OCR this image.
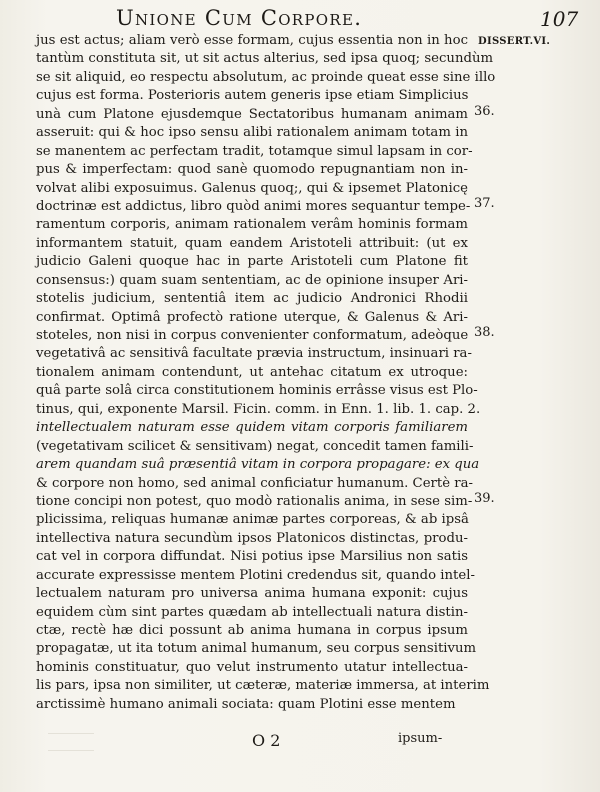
Unione Cum Corpore.	107
DISSERT.VI.
jus est actus; aliam verò esse formam, cujus essentia non in hoc
tantùm constituta sit, ut sit actus alterius, sed ipsa quoq; secundùm
se sit aliquid, eo respectu absolutum, ac proinde queat esse sine illo
cujus est forma. Posterioris autem generis ipse etiam Simplicius
unà cum Platone ejusdemque Sectatoribus humanam animam
asseruit: qui & hoc ipso sensu alibi rationalem animam totam in
se manentem ac perfectam tradit, totamque simul lapsam in cor-
pus & imperfectam: quod sanè quomodo repugnantiam non in-
volvat alibi exposuimus. Galenus quoq;, qui & ipsemet Platonicę
doctrinæ est addictus, libro quòd animi mores sequantur tempe-
ramentum corporis, animam rationalem verâm hominis formam
informantem statuit, quam eandem Aristoteli attribuit: (ut ex
judicio Galeni quoque hac in parte Aristoteli cum Platone fit
consensus:) quam suam sententiam, ac de opinione insuper Ari-
stotelis judicium, sententiâ item ac judicio Andronici Rhodii
confirmat. Optimâ profectò ratione uterque, & Galenus & Ari-
stoteles, non nisi in corpus convenienter conformatum, adeòque
vegetativâ ac sensitivâ facultate prævia instructum, insinuari ra-
tionalem animam contendunt, ut antehac citatum ex utroque:
quâ parte solâ circa constitutionem hominis errâsse visus est Plo-
tinus, qui, exponente Marsil. Ficin. comm. in Enn. 1. lib. 1. cap. 2.
intellectualem naturam esse quidem vitam corporis familiarem
(vegetativam scilicet & sensitivam) negat, concedit tamen famili-
arem quandam suâ præsentiâ vitam in corpora propagare: ex qua
& corpore non homo, sed animal conficiatur humanum. Certè ra-
tione concipi non potest, quo modò rationalis anima, in sese sim-
plicissima, reliquas humanæ animæ partes corporeas, & ab ipsâ
intellectiva natura secundùm ipsos Platonicos distinctas, produ-
cat vel in corpora diffundat. Nisi potius ipse Marsilius non satis
accurate expressisse mentem Plotini credendus sit, quando intel-
lectualem naturam pro universa anima humana exponit: cujus
equidem cùm sint partes quædam ab intellectuali natura distin-
ctæ, rectè hæ dici possunt ab anima humana in corpus ipsum
propagatæ, ut ita totum animal humanum, seu corpus sensitivum
hominis constituatur, quo velut instrumento utatur intellectua-
lis pars, ipsa non similiter, ut cæteræ, materiæ immersa, at interim
arctissimè humano animali sociata: quam Plotini esse mentem
36.
37.
38.
39.
O 2	ipsum-
